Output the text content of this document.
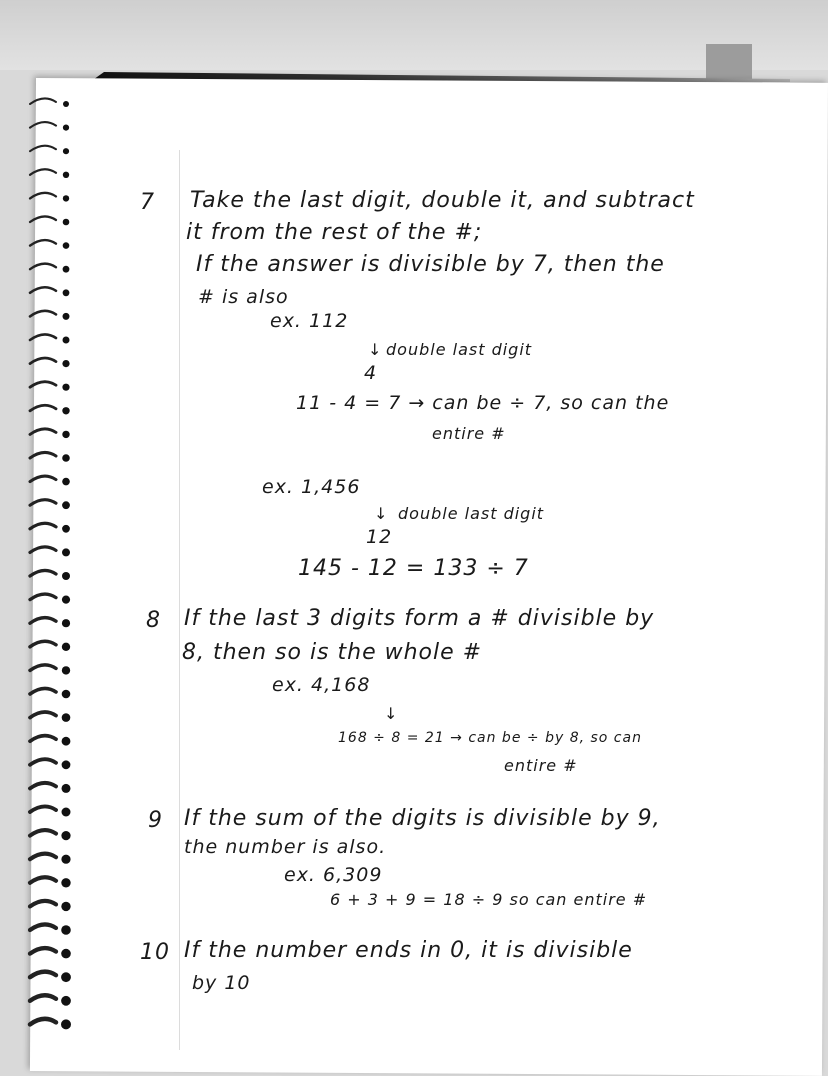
7 Take the last digit, double it, and subtract
it from the rest of the #;
If the answer is divisible by 7, then the
# is also
ex. 112
↓ double last digit
4
11 - 4 = 7 → can be ÷ 7, so can the
entire #
ex. 1,456
↓ double last digit
12
145 - 12 = 133 ÷ 7
8 If the last 3 digits form a # divisible by
8, then so is the whole #
ex. 4,168
↓
168 ÷ 8 = 21 → can be ÷ by 8, so can
entire #
9 If the sum of the digits is divisible by 9,
the number is also.
ex. 6,309
6 + 3 + 9 = 18 ÷ 9 so can entire #
10 If the number ends in 0, it is divisible
by 10
